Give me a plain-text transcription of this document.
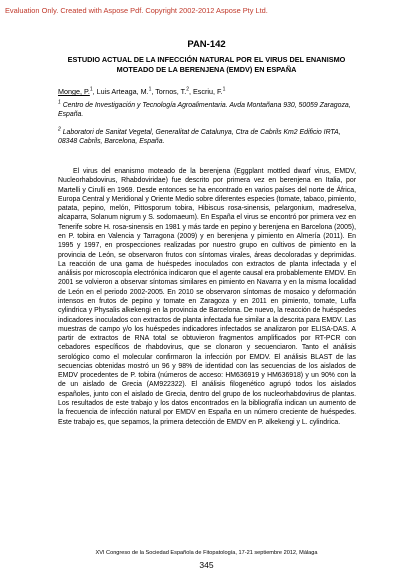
Evaluation Only. Created with Aspose Pdf. Copyright 2002-2012 Aspose Pty Ltd.
PAN-142
ESTUDIO ACTUAL DE LA INFECCIÓN NATURAL POR EL VIRUS DEL ENANISMO MOTEADO DE LA BERENJENA (EMDV) EN ESPAÑA
Monge, P.$^1$, Luis Arteaga, M.$^1$, Tornos, T.$^2$, Escriu, F.$^1$
$^1$ Centro de Investigación y Tecnología Agroalimentaria. Avda Montañana 930, 50059 Zaragoza, España.
$^2$ Laboratori de Sanitat Vegetal, Generalitat de Catalunya, Ctra de Cabrils Km2 Edificio IRTA, 08348 Cabrils, Barcelona, España.
El virus del enanismo moteado de la berenjena (Eggplant mottled dwarf virus, EMDV, Nucleorhabdovirus, Rhabdoviridae) fue descrito por primera vez en berenjena en Italia, por Martelli y Cirulli en 1969. Desde entonces se ha encontrado en varios países del norte de África, Europa Central y Meridional y Oriente Medio sobre diferentes especies (tomate, tabaco, pimiento, patata, pepino, melón, Pittosporum tobira, Hibiscus rosa-sinensis, pelargonium, madreselva, alcaparra, Solanum nigrum y S. sodomaeum). En España el virus se encontró por primera vez en Tenerife sobre H. rosa-sinensis en 1981 y más tarde en pepino y berenjena en Barcelona (2005), en P. tobira en Valencia y Tarragona (2009) y en berenjena y pimiento en Almería (2011). En 1995 y 1997, en prospecciones realizadas por nuestro grupo en cultivos de pimiento en la provincia de León, se observaron frutos con síntomas virales, áreas decoloradas y deprimidas. La reacción de una gama de huéspedes inoculados con extractos de planta infectada y el análisis por microscopía electrónica indicaron que el agente causal era probablemente EMDV. En 2001 se volvieron a observar síntomas similares en pimiento en Navarra y en la misma localidad de León en el periodo 2002-2005. En 2010 se observaron síntomas de mosaico y deformación intensos en frutos de pepino y tomate en Zaragoza y en 2011 en pimiento, tomate, Luffa cylindrica y Physalis alkekengi en la provincia de Barcelona. De nuevo, la reacción de huéspedes indicadores inoculados con extractos de planta infectada fue similar a la descrita para EMDV. Las muestras de campo y/o los huéspedes indicadores infectados se analizaron por ELISA-DAS. A partir de extractos de RNA total se obtuvieron fragmentos amplificados por RT-PCR con cebadores específicos de rhabdovirus, que se clonaron y secuenciaron. Tanto el análisis serológico como el molecular confirmaron la infección por EMDV. El análisis BLAST de las secuencias obtenidas mostró un 96 y 98% de identidad con las secuencias de los aislados de EMDV procedentes de P. tobira (números de acceso: HM636919 y HM636918) y un 90% con la de un aislado de Grecia (AM922322). El análisis filogenético agrupó todos los aislados españoles, junto con el aislado de Grecia, dentro del grupo de los nucleorhabdovirus de plantas. Los resultados de este trabajo y los datos encontrados en la bibliografía indican un aumento de la frecuencia de infección natural por EMDV en España en un número creciente de huéspedes. Este trabajo es, que sepamos, la primera detección de EMDV en P. alkekengi y L. cylindrica.
XVI Congreso de la Sociedad Española de Fitopatología, 17-21 septiembre 2012, Málaga
345
